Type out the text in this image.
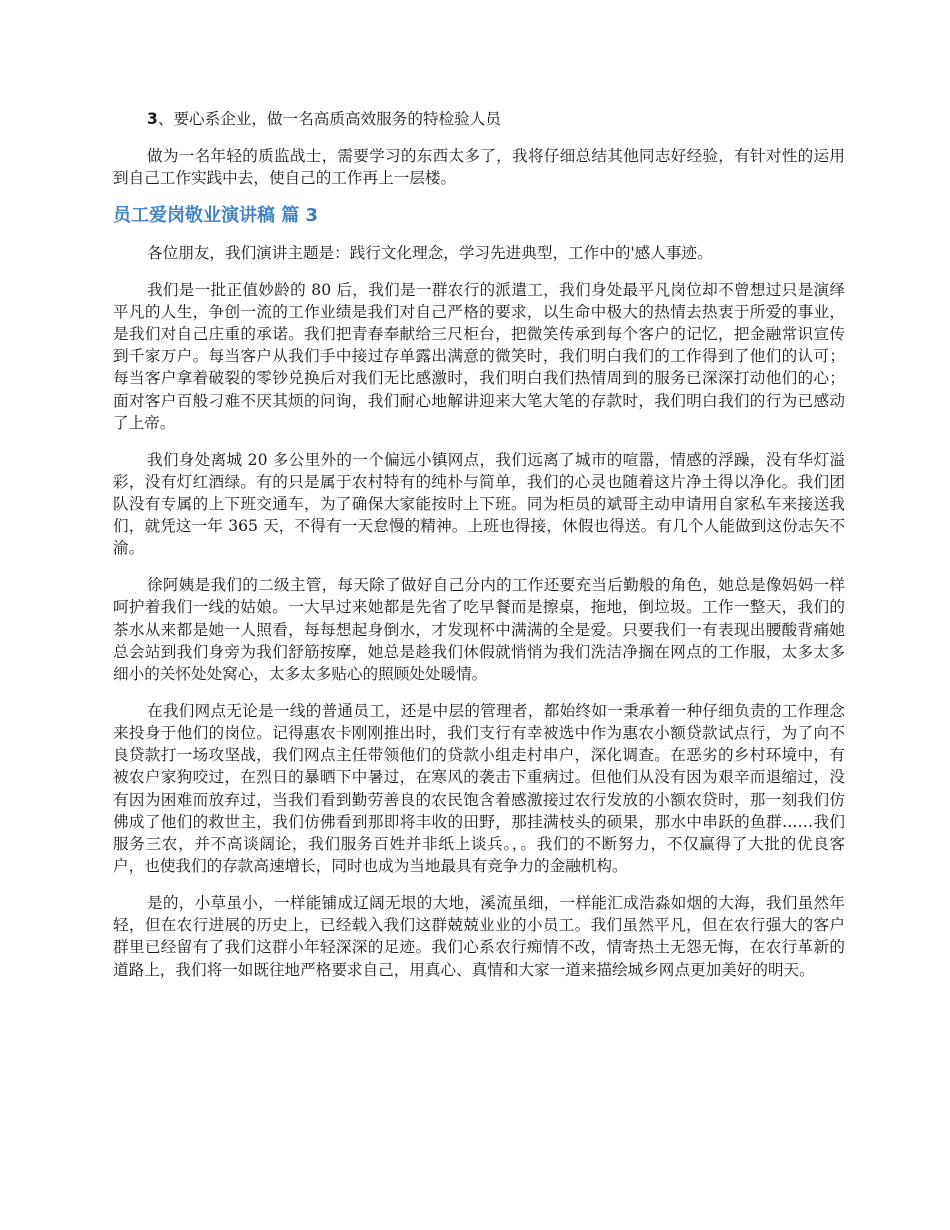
3、要心系企业，做一名高质高效服务的特检验人员

做为一名年轻的质监战士，需要学习的东西太多了，我将仔细总结其他同志好经验，有针对性的运用到自己工作实践中去，使自己的工作再上一层楼。

员工爱岗敬业演讲稿 篇 3

各位朋友，我们演讲主题是：践行文化理念，学习先进典型，工作中的'感人事迹。

我们是一批正值妙龄的 80 后，我们是一群农行的派遣工，我们身处最平凡岗位却不曾想过只是演绎平凡的人生，争创一流的工作业绩是我们对自己严格的要求，以生命中极大的热情去热衷于所爱的事业，是我们对自己庄重的承诺。我们把青春奉献给三尺柜台，把微笑传承到每个客户的记忆，把金融常识宣传到千家万户。每当客户从我们手中接过存单露出满意的微笑时，我们明白我们的工作得到了他们的认可；每当客户拿着破裂的零钞兑换后对我们无比感激时，我们明白我们热情周到的服务已深深打动他们的心；面对客户百般刁难不厌其烦的问询，我们耐心地解讲迎来大笔大笔的存款时，我们明白我们的行为已感动了上帝。

我们身处离城 20 多公里外的一个偏远小镇网点，我们远离了城市的喧嚣，情感的浮躁，没有华灯溢彩，没有灯红酒绿。有的只是属于农村特有的纯朴与简单，我们的心灵也随着这片净土得以净化。我们团队没有专属的上下班交通车，为了确保大家能按时上下班。同为柜员的斌哥主动申请用自家私车来接送我们，就凭这一年 365 天，不得有一天怠慢的精神。上班也得接，休假也得送。有几个人能做到这份志矢不渝。

徐阿姨是我们的二级主管，每天除了做好自己分内的工作还要充当后勤般的角色，她总是像妈妈一样呵护着我们一线的姑娘。一大早过来她都是先省了吃早餐而是擦桌，拖地，倒垃圾。工作一整天，我们的茶水从来都是她一人照看，每每想起身倒水，才发现杯中满满的全是爱。只要我们一有表现出腰酸背痛她总会站到我们身旁为我们舒筋按摩，她总是趁我们休假就悄悄为我们洗洁净搁在网点的工作服，太多太多细小的关怀处处窝心，太多太多贴心的照顾处处暖情。

在我们网点无论是一线的普通员工，还是中层的管理者，都始终如一秉承着一种仔细负责的工作理念来投身于他们的岗位。记得惠农卡刚刚推出时，我们支行有幸被选中作为惠农小额贷款试点行，为了向不良贷款打一场攻坚战，我们网点主任带领他们的贷款小组走村串户，深化调查。在恶劣的乡村环境中，有被农户家狗咬过，在烈日的暴晒下中暑过，在寒风的袭击下重病过。但他们从没有因为艰辛而退缩过，没有因为困难而放弃过，当我们看到勤劳善良的农民饱含着感激接过农行发放的小额农贷时，那一刻我们仿佛成了他们的救世主，我们仿佛看到那即将丰收的田野，那挂满枝头的硕果，那水中串跃的鱼群……我们服务三农，并不高谈阔论，我们服务百姓并非纸上谈兵。，。我们的不断努力，不仅赢得了大批的优良客户，也使我们的存款高速增长，同时也成为当地最具有竞争力的金融机构。

是的，小草虽小，一样能铺成辽阔无垠的大地，溪流虽细，一样能汇成浩淼如烟的大海，我们虽然年轻，但在农行进展的历史上，已经载入我们这群兢兢业业的小员工。我们虽然平凡，但在农行强大的客户群里已经留有了我们这群小年轻深深的足迹。我们心系农行痴情不改，情寄热土无怨无悔，在农行革新的道路上，我们将一如既往地严格要求自己，用真心、真情和大家一道来描绘城乡网点更加美好的明天。
